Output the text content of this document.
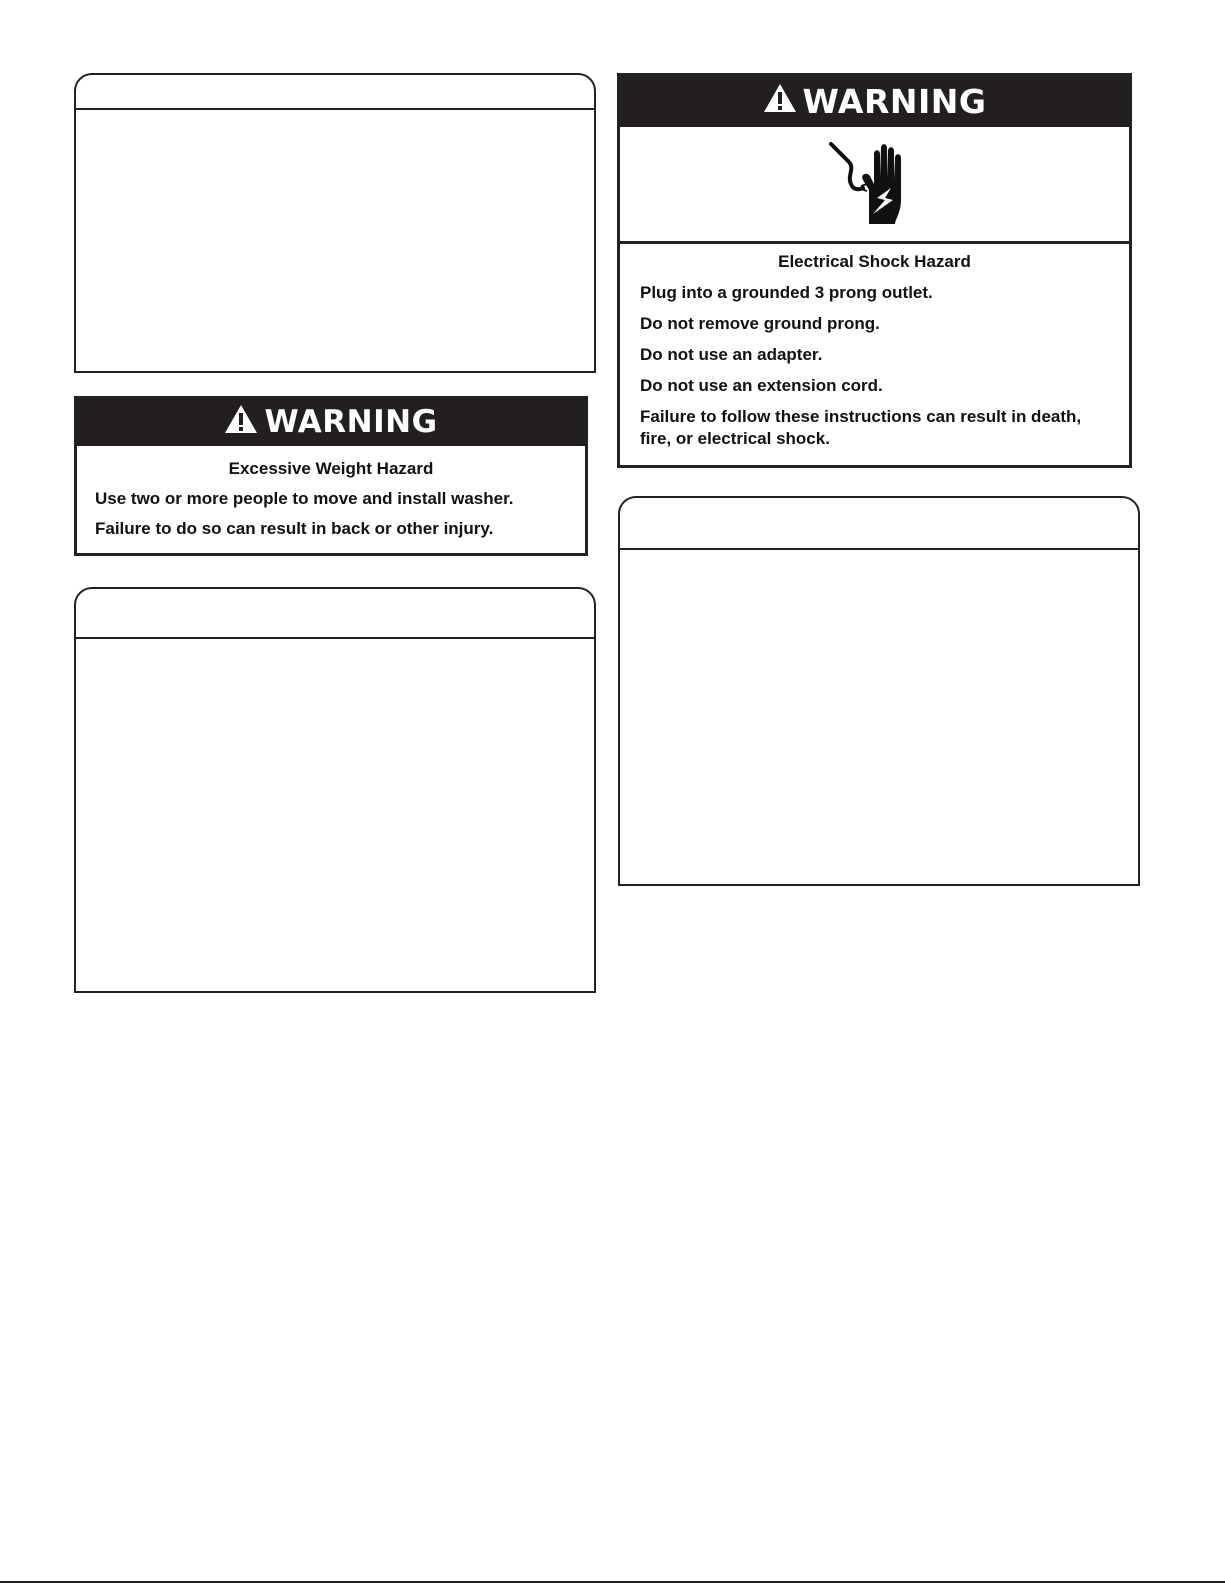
WARNING
Excessive Weight Hazard
Use two or more people to move and install washer.
Failure to do so can result in back or other injury.
WARNING
Electrical Shock Hazard
Plug into a grounded 3 prong outlet.
Do not remove ground prong.
Do not use an adapter.
Do not use an extension cord.
Failure to follow these instructions can result in death,
fire, or electrical shock.
